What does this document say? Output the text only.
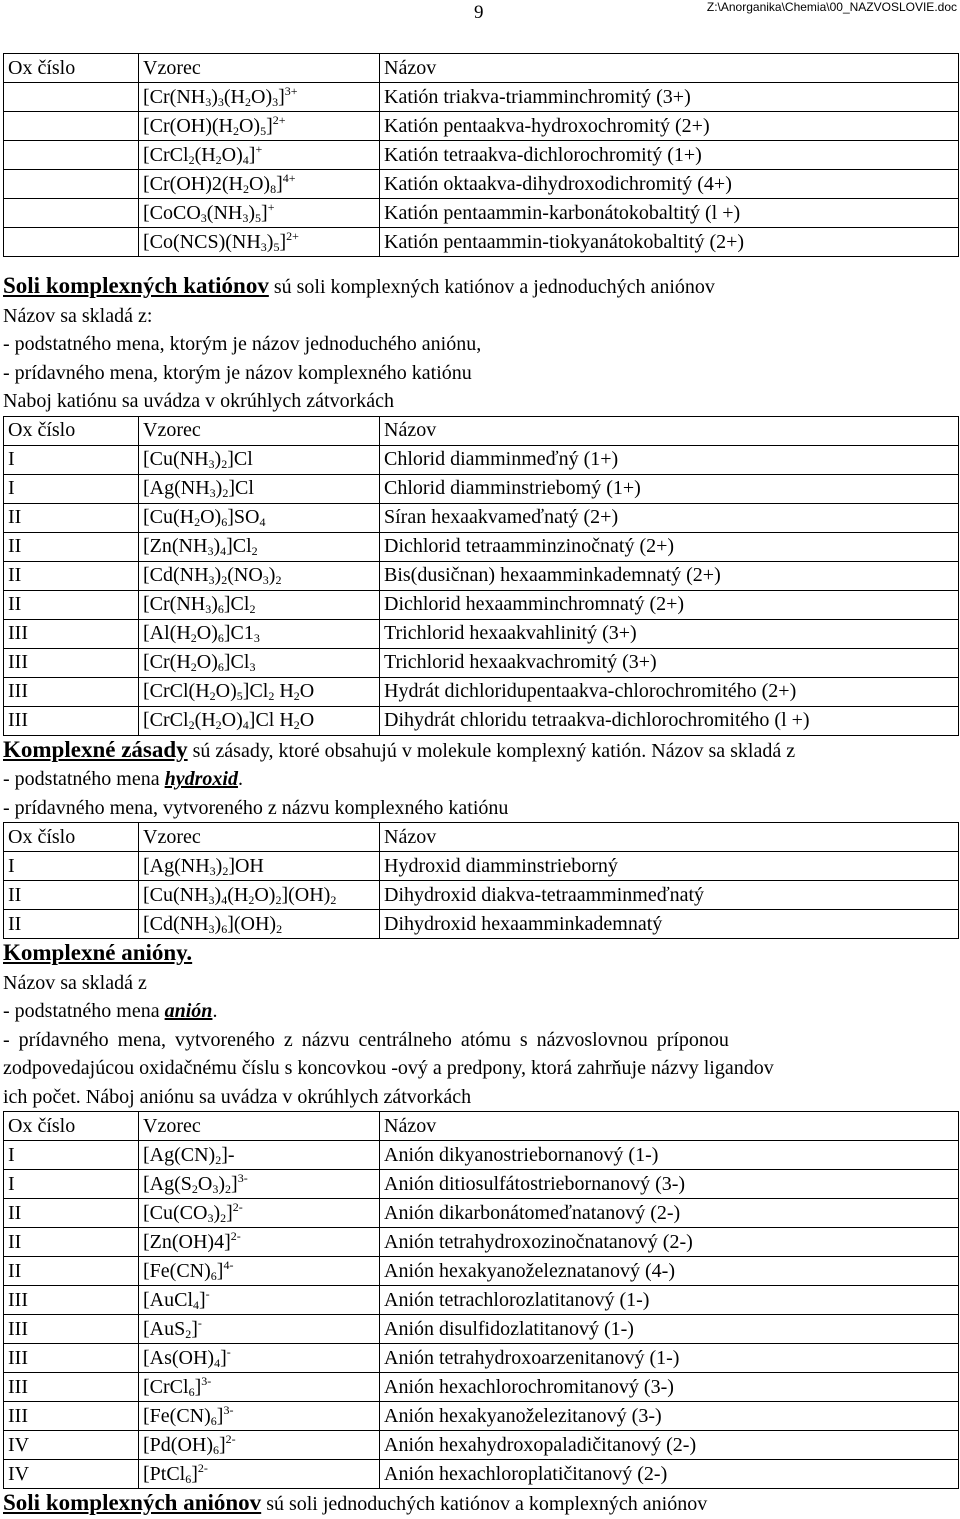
9	Z:\Anorganika\Chemia\00_NAZVOSLOVIE.doc
Ox číslo	Vzorec	Názov
	$[Cr(NH_3)_3(H_2O)_3]^{3+}$	Katión triakva-triamminchromitý (3+)
	$[Cr(OH)(H_2O)_5]^{2+}$	Katión pentaakva-hydroxochromitý (2+)
	$[CrCl_2(H_2O)_4]^+$	Katión tetraakva-dichlorochromitý (1+)
	$[Cr(OH)2(H_2O)_8]^{4+}$	Katión oktaakva-dihydroxodichromitý (4+)
	$[CoCO_3(NH_3)_5]^+$	Katión pentaammin-karbonátokobaltitý (l +)
	$[Co(NCS)(NH_3)_5]^{2+}$	Katión pentaammin-tiokyanátokobaltitý (2+)

Soli komplexných katiónov sú soli komplexných katiónov a jednoduchých aniónov

Názov sa skladá z:

- podstatného mena, ktorým je názov jednoduchého aniónu,

- prídavného mena, ktorým je názov komplexného katiónu

Naboj katiónu sa uvádza v okrúhlych zátvorkách

Ox číslo	Vzorec	Názov
I	$[Cu(NH_3)_2]Cl$	Chlorid diamminmeďný (1+)
I	$[Ag(NH_3)_2]Cl$	Chlorid diamminstriebomý (1+)
II	$[Cu(H_2O)_6]SO_4$	Síran hexaakvameďnatý (2+)
II	$[Zn(NH_3)_4]Cl_2$	Dichlorid tetraamminzinočnatý (2+)
II	[$Cd(NH_3)_2(NO_3)_2$	Bis(dusičnan) hexaamminkademnatý (2+)
II	$[Cr(NH_3)_6]Cl_2$	Dichlorid hexaamminchromnatý (2+)
III	$[Al(H_2O)_6]C1_3$	Trichlorid hexaakvahlinitý (3+)
III	$[Cr(H_2O)_6]Cl_3$	Trichlorid hexaakvachromitý (3+)
III	$[CrCl(H_2O)_5]Cl_2$ $H_2O$	Hydrát dichloridupentaakva-chlorochromitého (2+)
III	$[CrCl_2(H_2O)_4]Cl$ $H_2O$	Dihydrát chloridu tetraakva-dichlorochromitého (l +)

Komplexné zásady sú zásady, ktoré obsahujú v molekule komplexný katión. Názov sa skladá z

- podstatného mena hydroxid.

- prídavného mena, vytvoreného z názvu komplexného katiónu

Ox číslo	Vzorec	Názov
I	$[Ag(NH_3)_2]OH$	Hydroxid diamminstrieborný
II	$[Cu(NH_3)_4(H_2O)_2](OH)_2$	Dihydroxid diakva-tetraamminmeďnatý
II	$[Cd(NH_3)_6](OH)_2$	Dihydroxid hexaamminkademnatý

Komplexné anióny.

Názov sa skladá z

- podstatného mena anión.

- prídavného mena, vytvoreného z názvu centrálneho atómu s názvoslovnou príponou

zodpovedajúcou oxidačnému číslu s koncovkou -ový a predpony, ktorá zahrňuje názvy ligandov

ich počet. Náboj aniónu sa uvádza v okrúhlych zátvorkách

Ox číslo	Vzorec	Názov
I	$[Ag(CN)_2]-$	Anión dikyanostriebornanový (1-)
I	$[Ag(S_2O_3)_2]^{3-}$	Anión ditiosulfátostriebornanový (3-)
II	$[Cu(CO_3)_2]^{2-}$	Anión dikarbonátomeďnatanový (2-)
II	$[Zn(OH)4]^{2-}$	Anión tetrahydroxozinočnatanový (2-)
II	$[Fe(CN)_6]^{4-}$	Anión hexakyanoželeznatanový (4-)
III	[AuCl$_4$]-	Anión tetrachlorozlatitanový (1-)
III	[AuS$_2$]-	Anión disulfidozlatitanový (1-)
III	$[As(OH)_4]^-$	Anión tetrahydroxoarzenitanový (1-)
III	[CrCl$_6$]$^{3-}$	Anión hexachlorochromitanový (3-)
III	$[Fe(CN)_6]^{3-}$	Anión hexakyanoželezitanový (3-)
IV	$[Pd(OH)_6]^{2-}$	Anión hexahydroxopaladičitanový (2-)
IV	[PtCl$_6$]$^{2-}$	Anión hexachloroplatičitanový (2-)

Soli komplexných aniónov sú soli jednoduchých katiónov a komplexných aniónov
